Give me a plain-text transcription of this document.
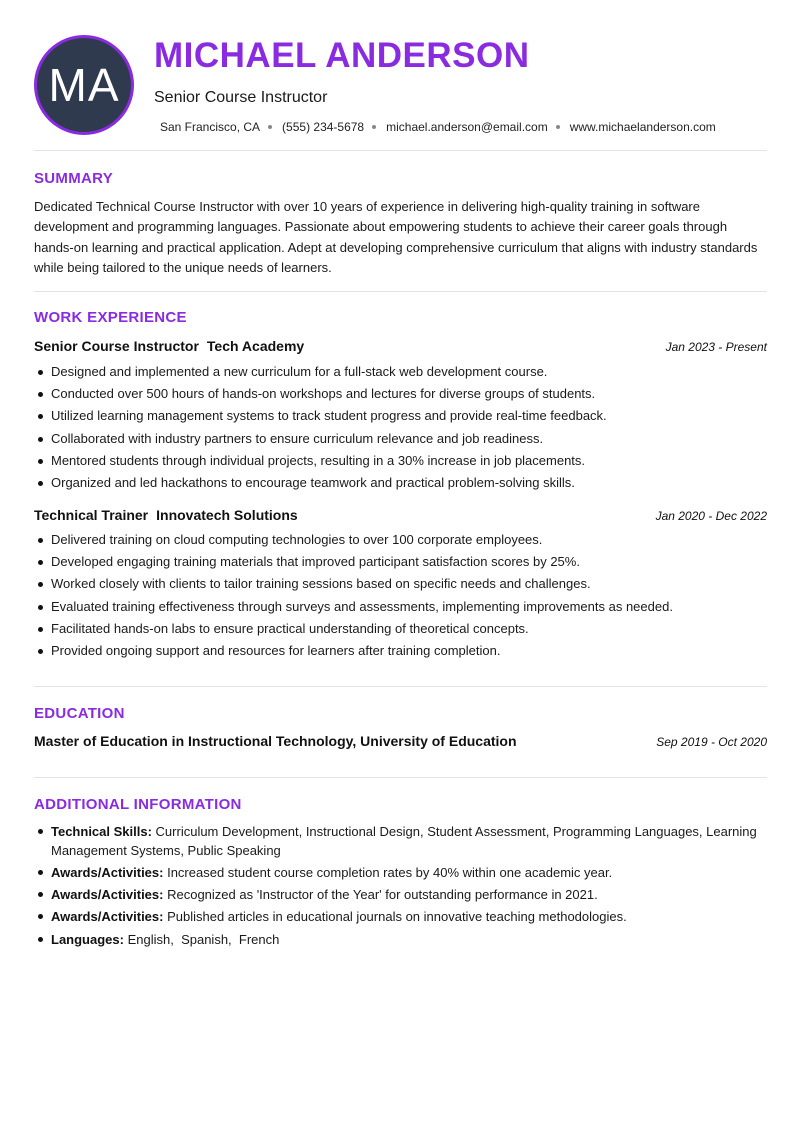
MA
MICHAEL ANDERSON
Senior Course Instructor
San Francisco, CA (555) 234-5678 michael.anderson@email.com www.michaelanderson.com
SUMMARY

Dedicated Technical Course Instructor with over 10 years of experience in delivering high-quality training in software development and programming languages. Passionate about empowering students to achieve their career goals through hands-on learning and practical application. Adept at developing comprehensive curriculum that aligns with industry standards while being tailored to the unique needs of learners.

WORK EXPERIENCE
Senior Course Instructor Tech Academy	Jan 2023 - Present
Designed and implemented a new curriculum for a full-stack web development course.
Conducted over 500 hours of hands-on workshops and lectures for diverse groups of students.
Utilized learning management systems to track student progress and provide real-time feedback.
Collaborated with industry partners to ensure curriculum relevance and job readiness.
Mentored students through individual projects, resulting in a 30% increase in job placements.
Organized and led hackathons to encourage teamwork and practical problem-solving skills.
Technical Trainer Innovatech Solutions	Jan 2020 - Dec 2022
Delivered training on cloud computing technologies to over 100 corporate employees.
Developed engaging training materials that improved participant satisfaction scores by 25%.
Worked closely with clients to tailor training sessions based on specific needs and challenges.
Evaluated training effectiveness through surveys and assessments, implementing improvements as needed.
Facilitated hands-on labs to ensure practical understanding of theoretical concepts.
Provided ongoing support and resources for learners after training completion.
EDUCATION
Master of Education in Instructional Technology, University of Education	Sep 2019 - Oct 2020
ADDITIONAL INFORMATION
Technical Skills: Curriculum Development, Instructional Design, Student Assessment, Programming Languages, Learning Management Systems, Public Speaking
Awards/Activities: Increased student course completion rates by 40% within one academic year.
Awards/Activities: Recognized as 'Instructor of the Year' for outstanding performance in 2021.
Awards/Activities: Published articles in educational journals on innovative teaching methodologies.
Languages: English,  Spanish,  French
